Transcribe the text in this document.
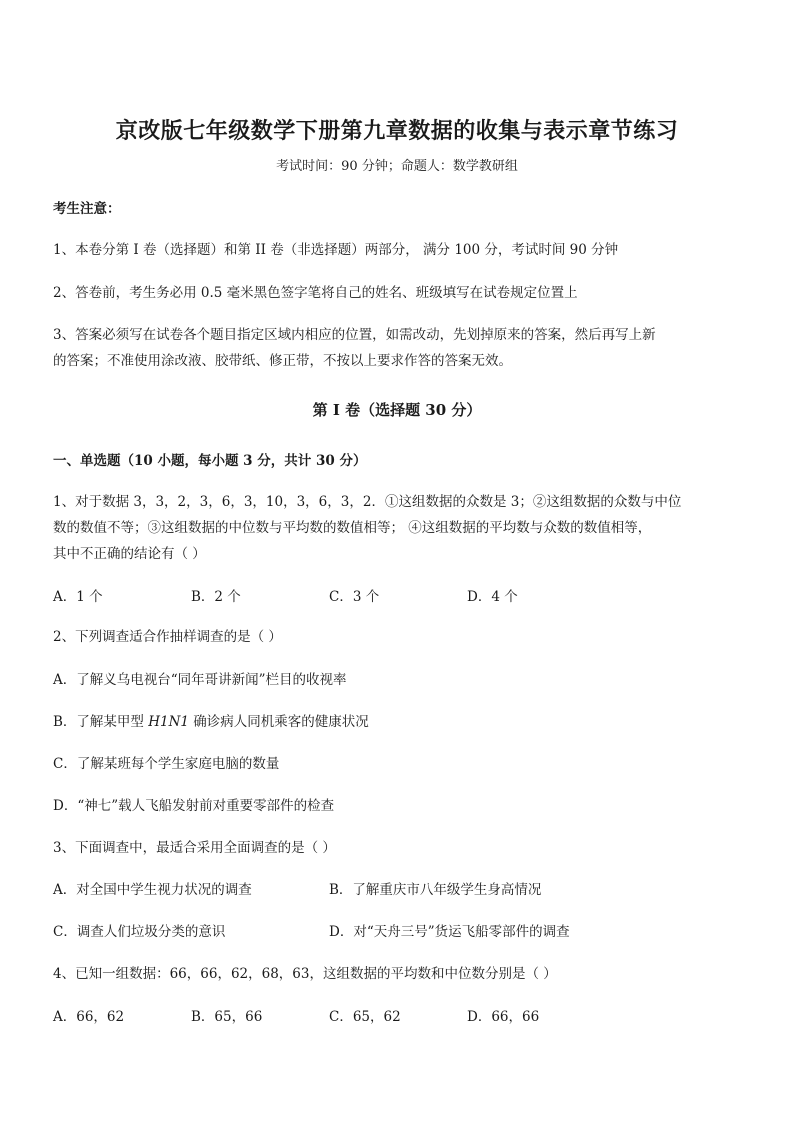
京改版七年级数学下册第九章数据的收集与表示章节练习
考试时间：90 分钟；命题人：数学教研组
考生注意：
1、本卷分第 I 卷（选择题）和第 II 卷（非选择题）两部分， 满分 100 分，考试时间 90 分钟
2、答卷前，考生务必用 0.5 毫米黑色签字笔将自己的姓名、班级填写在试卷规定位置上
3、答案必须写在试卷各个题目指定区域内相应的位置，如需改动，先划掉原来的答案，然后再写上新
的答案；不准使用涂改液、胶带纸、修正带，不按以上要求作答的答案无效。
第 I 卷（选择题 30 分）
一、单选题（10 小题，每小题 3 分，共计 30 分）
1、对于数据 3，3，2，3，6，3，10，3，6，3，2．①这组数据的众数是 3；②这组数据的众数与中位
数的数值不等；③这组数据的中位数与平均数的数值相等； ④这组数据的平均数与众数的数值相等，
其中不正确的结论有（ ）
A．1 个	B．2 个	C．3 个	D．4 个
2、下列调查适合作抽样调查的是（ ）
A．了解义乌电视台“同年哥讲新闻”栏目的收视率
B．了解某甲型 H1N1 确诊病人同机乘客的健康状况
C．了解某班每个学生家庭电脑的数量
D．“神七”载人飞船发射前对重要零部件的检查
3、下面调查中，最适合采用全面调查的是（ ）
A．对全国中学生视力状况的调查	B．了解重庆市八年级学生身高情况
C．调查人们垃圾分类的意识	D．对“天舟三号”货运飞船零部件的调查
4、已知一组数据：66，66，62，68，63，这组数据的平均数和中位数分别是（ ）
A．66，62	B．65，66	C．65，62	D．66，66
